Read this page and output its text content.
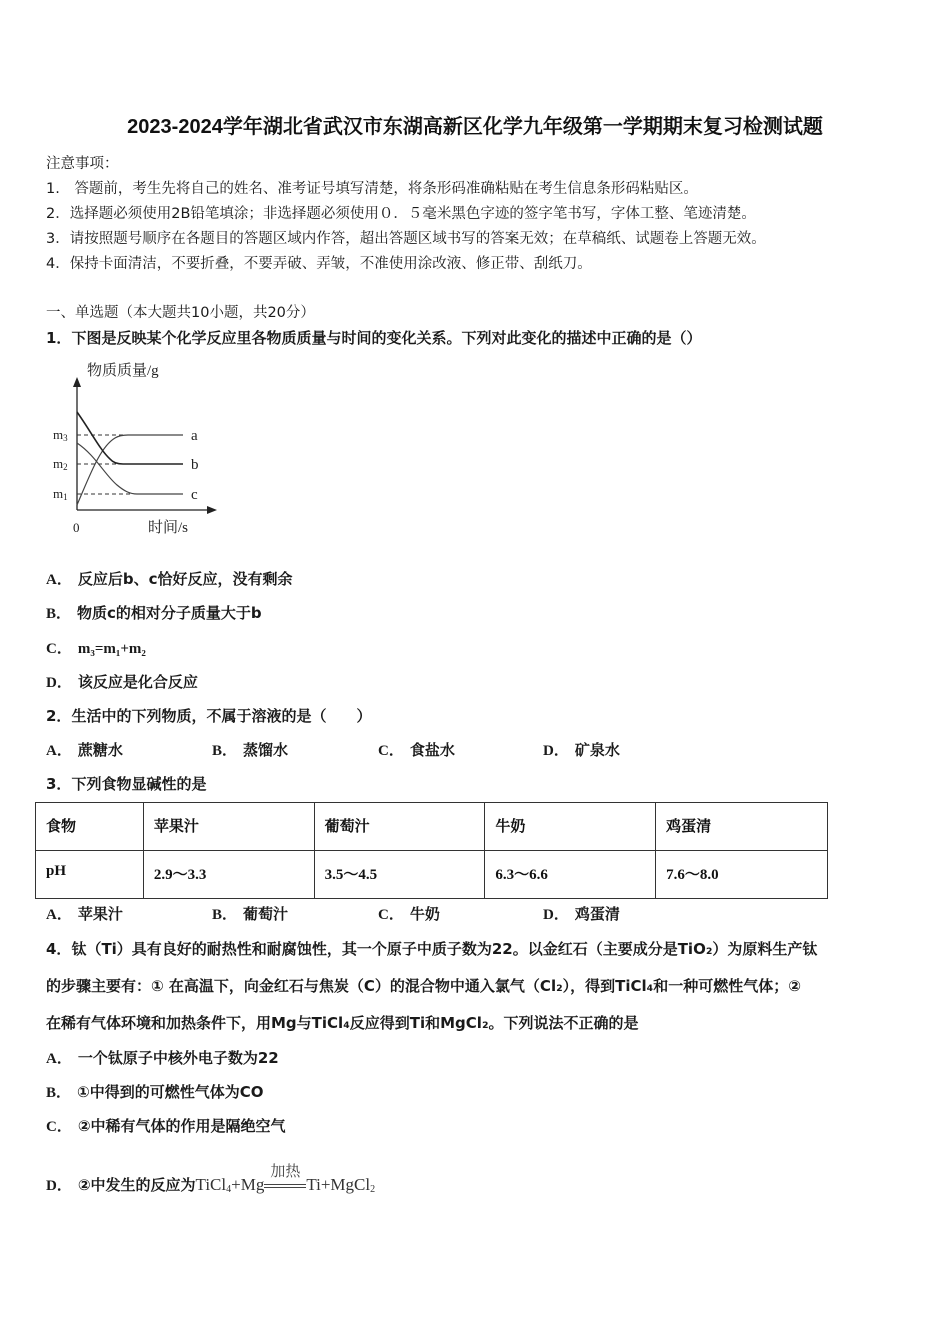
2023-2024学年湖北省武汉市东湖高新区化学九年级第一学期期末复习检测试题
注意事项：
1.　答题前，考生先将自己的姓名、准考证号填写清楚，将条形码准确粘贴在考生信息条形码粘贴区。
2．选择题必须使用2B铅笔填涂；非选择题必须使用０．５毫米黑色字迹的签字笔书写，字体工整、笔迹清楚。
3．请按照题号顺序在各题目的答题区域内作答，超出答题区域书写的答案无效；在草稿纸、试题卷上答题无效。
4．保持卡面清洁，不要折叠，不要弄破、弄皱，不准使用涂改液、修正带、刮纸刀。
一、单选题（本大题共10小题，共20分）
1．下图是反映某个化学反应里各物质质量与时间的变化关系。下列对此变化的描述中正确的是（）
物质质量/g
时间/s
0
m3
m2
m1
a
b
c
A． 反应后b、c恰好反应，没有剩余
B． 物质c的相对分子质量大于b
C． m₃=m₁+m₂
D． 该反应是化合反应
2．生活中的下列物质，不属于溶液的是（　　）
A． 蔗糖水	B． 蒸馏水	C． 食盐水	D． 矿泉水
3．下列食物显碱性的是
食物	苹果汁	葡萄汁	牛奶	鸡蛋清
pH	2.9～3.3	3.5～4.5	6.3～6.6	7.6～8.0
A． 苹果汁	B． 葡萄汁	C． 牛奶	D． 鸡蛋清
4．钛（Ti）具有良好的耐热性和耐腐蚀性，其一个原子中质子数为22。以金红石（主要成分是TiO₂）为原料生产钛
的步骤主要有：① 在高温下，向金红石与焦炭（C）的混合物中通入氯气（Cl₂），得到TiCl₄和一种可燃性气体；②
在稀有气体环境和加热条件下，用Mg与TiCl₄反应得到Ti和MgCl₂。下列说法不正确的是
A． 一个钛原子中核外电子数为22
B． ①中得到的可燃性气体为CO
C． ②中稀有气体的作用是隔绝空气
D． ②中发生的反应为TiCl$_4$+Mg
加热
Ti+MgCl$_2$
